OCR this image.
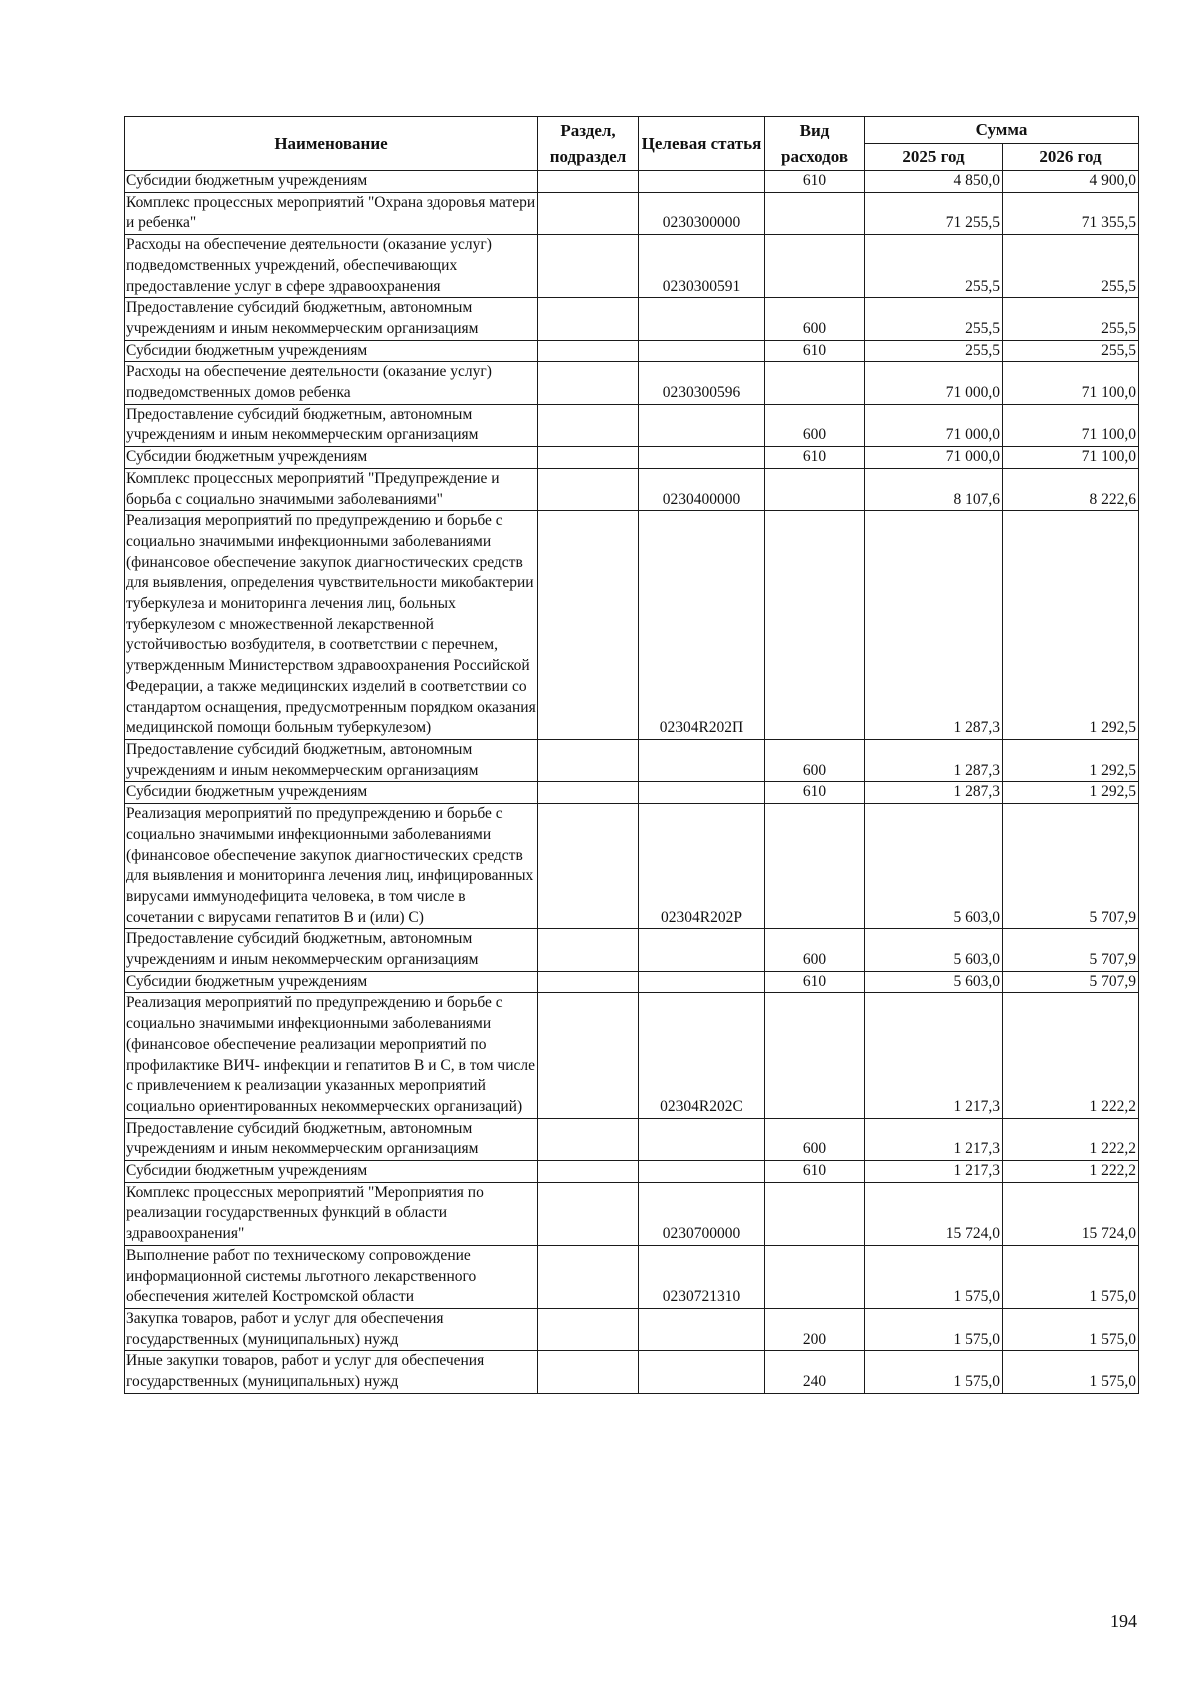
Наименование	Раздел, подраздел	Целевая статья	Вид расходов	Сумма	
				2025 год	2026 год
Субсидии бюджетным учреждениям			610	4 850,0	4 900,0
Комплекс процессных мероприятий "Охрана здоровья матери и ребенка"		0230300000		71 255,5	71 355,5
Расходы на обеспечение деятельности (оказание услуг) подведомственных учреждений, обеспечивающих предоставление услуг в сфере здравоохранения		0230300591		255,5	255,5
Предоставление субсидий бюджетным, автономным учреждениям и иным некоммерческим организациям			600	255,5	255,5
Субсидии бюджетным учреждениям			610	255,5	255,5
Расходы на обеспечение деятельности (оказание услуг) подведомственных домов ребенка		0230300596		71 000,0	71 100,0
Предоставление субсидий бюджетным, автономным учреждениям и иным некоммерческим организациям			600	71 000,0	71 100,0
Субсидии бюджетным учреждениям			610	71 000,0	71 100,0
Комплекс процессных мероприятий "Предупреждение и борьба с социально значимыми заболеваниями"		0230400000		8 107,6	8 222,6
Реализация мероприятий по предупреждению и борьбе с социально значимыми инфекционными заболеваниями (финансовое обеспечение закупок диагностических средств для выявления, определения чувствительности микобактерии туберкулеза и мониторинга лечения лиц, больных туберкулезом с множественной лекарственной устойчивостью возбудителя, в соответствии с перечнем, утвержденным Министерством здравоохранения Российской Федерации, а также медицинских изделий в соответствии со стандартом оснащения, предусмотренным порядком оказания медицинской помощи больным туберкулезом)		02304R202П		1 287,3	1 292,5
Предоставление субсидий бюджетным, автономным учреждениям и иным некоммерческим организациям			600	1 287,3	1 292,5
Субсидии бюджетным учреждениям			610	1 287,3	1 292,5
Реализация мероприятий по предупреждению и борьбе с социально значимыми инфекционными заболеваниями (финансовое обеспечение закупок диагностических средств для выявления и мониторинга лечения лиц, инфицированных вирусами иммунодефицита человека, в том числе в сочетании с вирусами гепатитов В и (или) С)		02304R202P		5 603,0	5 707,9
Предоставление субсидий бюджетным, автономным учреждениям и иным некоммерческим организациям			600	5 603,0	5 707,9
Субсидии бюджетным учреждениям			610	5 603,0	5 707,9
Реализация мероприятий по предупреждению и борьбе с социально значимыми инфекционными заболеваниями (финансовое обеспечение реализации мероприятий по профилактике ВИЧ- инфекции и гепатитов В и С, в том числе с привлечением к реализации указанных мероприятий социально ориентированных некоммерческих организаций)		02304R202C		1 217,3	1 222,2
Предоставление субсидий бюджетным, автономным учреждениям и иным некоммерческим организациям			600	1 217,3	1 222,2
Субсидии бюджетным учреждениям			610	1 217,3	1 222,2
Комплекс процессных мероприятий "Мероприятия по реализации государственных функций в области здравоохранения"		0230700000		15 724,0	15 724,0
Выполнение работ по техническому сопровождение информационной системы льготного лекарственного обеспечения жителей Костромской области		0230721310		1 575,0	1 575,0
Закупка товаров, работ и услуг для обеспечения государственных (муниципальных) нужд			200	1 575,0	1 575,0
Иные закупки товаров, работ и услуг для обеспечения государственных (муниципальных) нужд			240	1 575,0	1 575,0
194
